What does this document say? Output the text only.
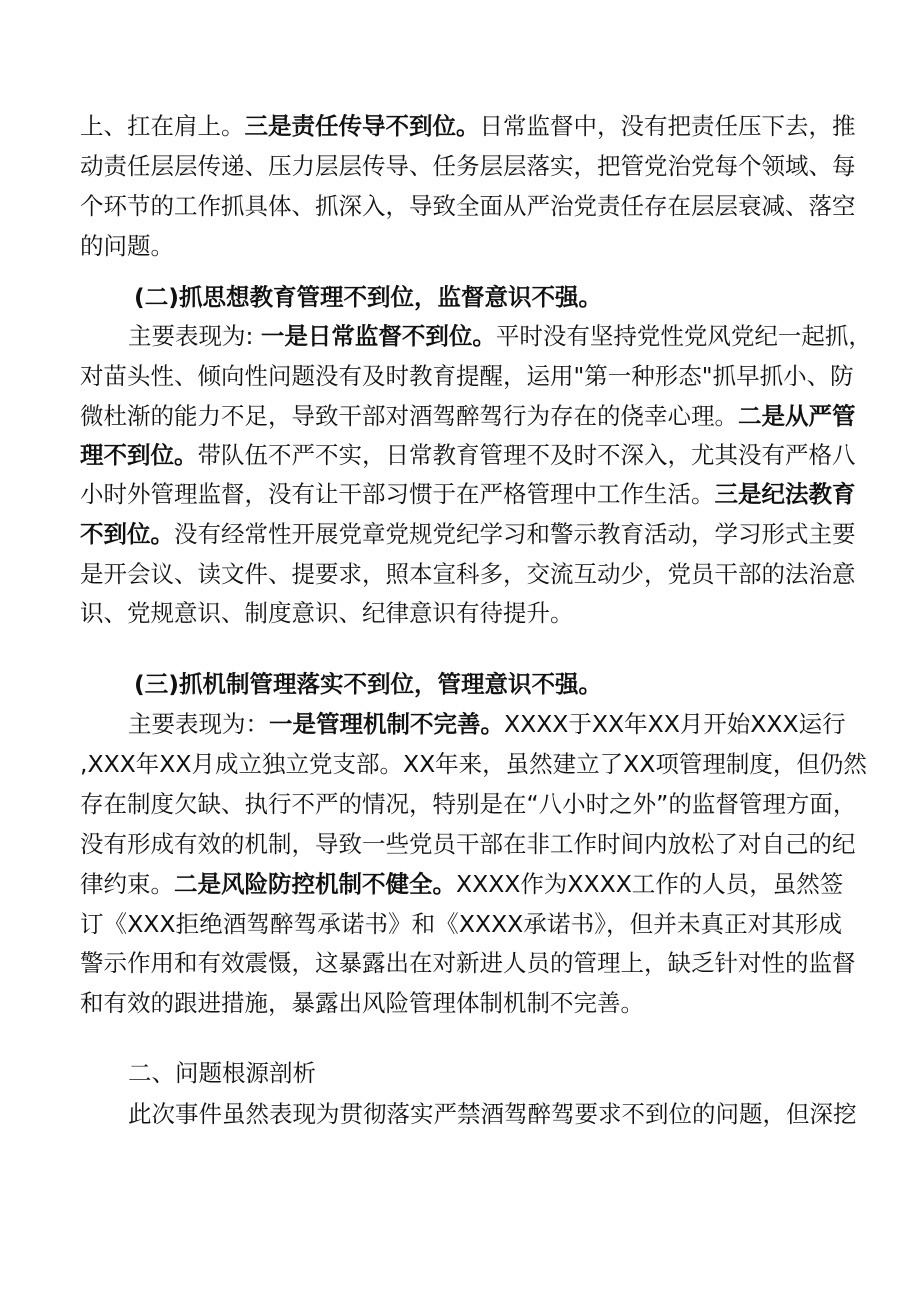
上、扛在肩上。三是责任传导不到位。日常监督中，没有把责任压下去，推
动责任层层传递、压力层层传导、任务层层落实，把管党治党每个领域、每
个环节的工作抓具体、抓深入，导致全面从严治党责任存在层层衰减、落空
的问题。
(二)抓思想教育管理不到位，监督意识不强。
主要表现为: 一是日常监督不到位。平时没有坚持党性党风党纪一起抓，
对苗头性、倾向性问题没有及时教育提醒，运用"第一种形态"抓早抓小、防
微杜渐的能力不足，导致干部对酒驾醉驾行为存在的侥幸心理。二是从严管
理不到位。带队伍不严不实，日常教育管理不及时不深入，尤其没有严格八
小时外管理监督，没有让干部习惯于在严格管理中工作生活。三是纪法教育
不到位。没有经常性开展党章党规党纪学习和警示教育活动，学习形式主要
是开会议、读文件、提要求，照本宣科多，交流互动少，党员干部的法治意
识、党规意识、制度意识、纪律意识有待提升。
(三)抓机制管理落实不到位，管理意识不强。
主要表现为：一是管理机制不完善。XXXX于XX年XX月开始XXX运行
,XXX年XX月成立独立党支部。XX年来，虽然建立了XX项管理制度，但仍然
存在制度欠缺、执行不严的情况，特别是在“八小时之外”的监督管理方面，
没有形成有效的机制，导致一些党员干部在非工作时间内放松了对自己的纪
律约束。二是风险防控机制不健全。XXXX作为XXXX工作的人员，虽然签
订《XXX拒绝酒驾醉驾承诺书》和《XXXX承诺书》，但并未真正对其形成
警示作用和有效震慑，这暴露出在对新进人员的管理上，缺乏针对性的监督
和有效的跟进措施，暴露出风险管理体制机制不完善。
二、问题根源剖析
此次事件虽然表现为贯彻落实严禁酒驾醉驾要求不到位的问题，但深挖
